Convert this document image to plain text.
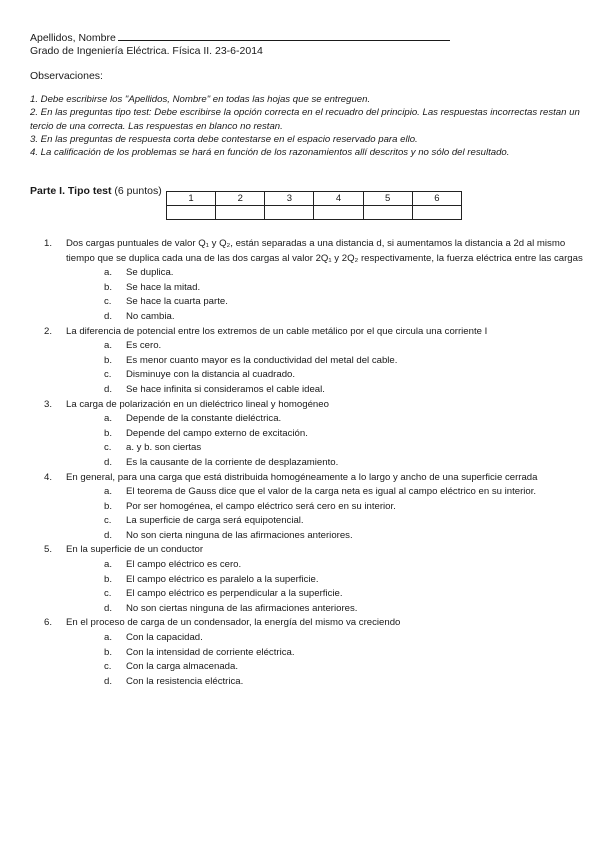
Apellidos, Nombre
Grado de Ingeniería Eléctrica. Física II. 23-6-2014
Observaciones:

1. Debe escribirse los "Apellidos, Nombre" en todas las hojas que se entreguen.

2. En las preguntas tipo test: Debe escribirse la opción correcta en el recuadro del principio. Las respuestas incorrectas restan un tercio de una correcta. Las respuestas en blanco no restan.

3. En las preguntas de respuesta corta debe contestarse en el espacio reservado para ello.

4. La calificación de los problemas se hará en función de los razonamientos allí descritos y no sólo del resultado.

Parte I. Tipo test (6 puntos)
1	2	3	4	5	6

1. Dos cargas puntuales de valor Q₁ y Q₂, están separadas a una distancia d, si aumentamos la distancia a 2d al mismo tiempo que se duplica cada una de las dos cargas al valor 2Q₁ y 2Q₂ respectivamente, la fuerza eléctrica entre las cargas

a. Se duplica.
b. Se hace la mitad.
c. Se hace la cuarta parte.
d. No cambia.
2. La diferencia de potencial entre los extremos de un cable metálico por el que circula una corriente I

a. Es cero.
b. Es menor cuanto mayor es la conductividad del metal del cable.
c. Disminuye con la distancia al cuadrado.
d. Se hace infinita si consideramos el cable ideal.
3. La carga de polarización en un dieléctrico lineal y homogéneo

a. Depende de la constante dieléctrica.
b. Depende del campo externo de excitación.
c. a. y b. son ciertas
d. Es la causante de la corriente de desplazamiento.
4. En general, para una carga que está distribuida homogéneamente a lo largo y ancho de una superficie cerrada

a. El teorema de Gauss dice que el valor de la carga neta es igual al campo eléctrico en su interior.
b. Por ser homogénea, el campo eléctrico será cero en su interior.
c. La superficie de carga será equipotencial.
d. No son cierta ninguna de las afirmaciones anteriores.
5. En la superficie de un conductor

a. El campo eléctrico es cero.
b. El campo eléctrico es paralelo a la superficie.
c. El campo eléctrico es perpendicular a la superficie.
d. No son ciertas ninguna de las afirmaciones anteriores.
6. En el proceso de carga de un condensador, la energía del mismo va creciendo

a. Con la capacidad.
b. Con la intensidad de corriente eléctrica.
c. Con la carga almacenada.
d. Con la resistencia eléctrica.
